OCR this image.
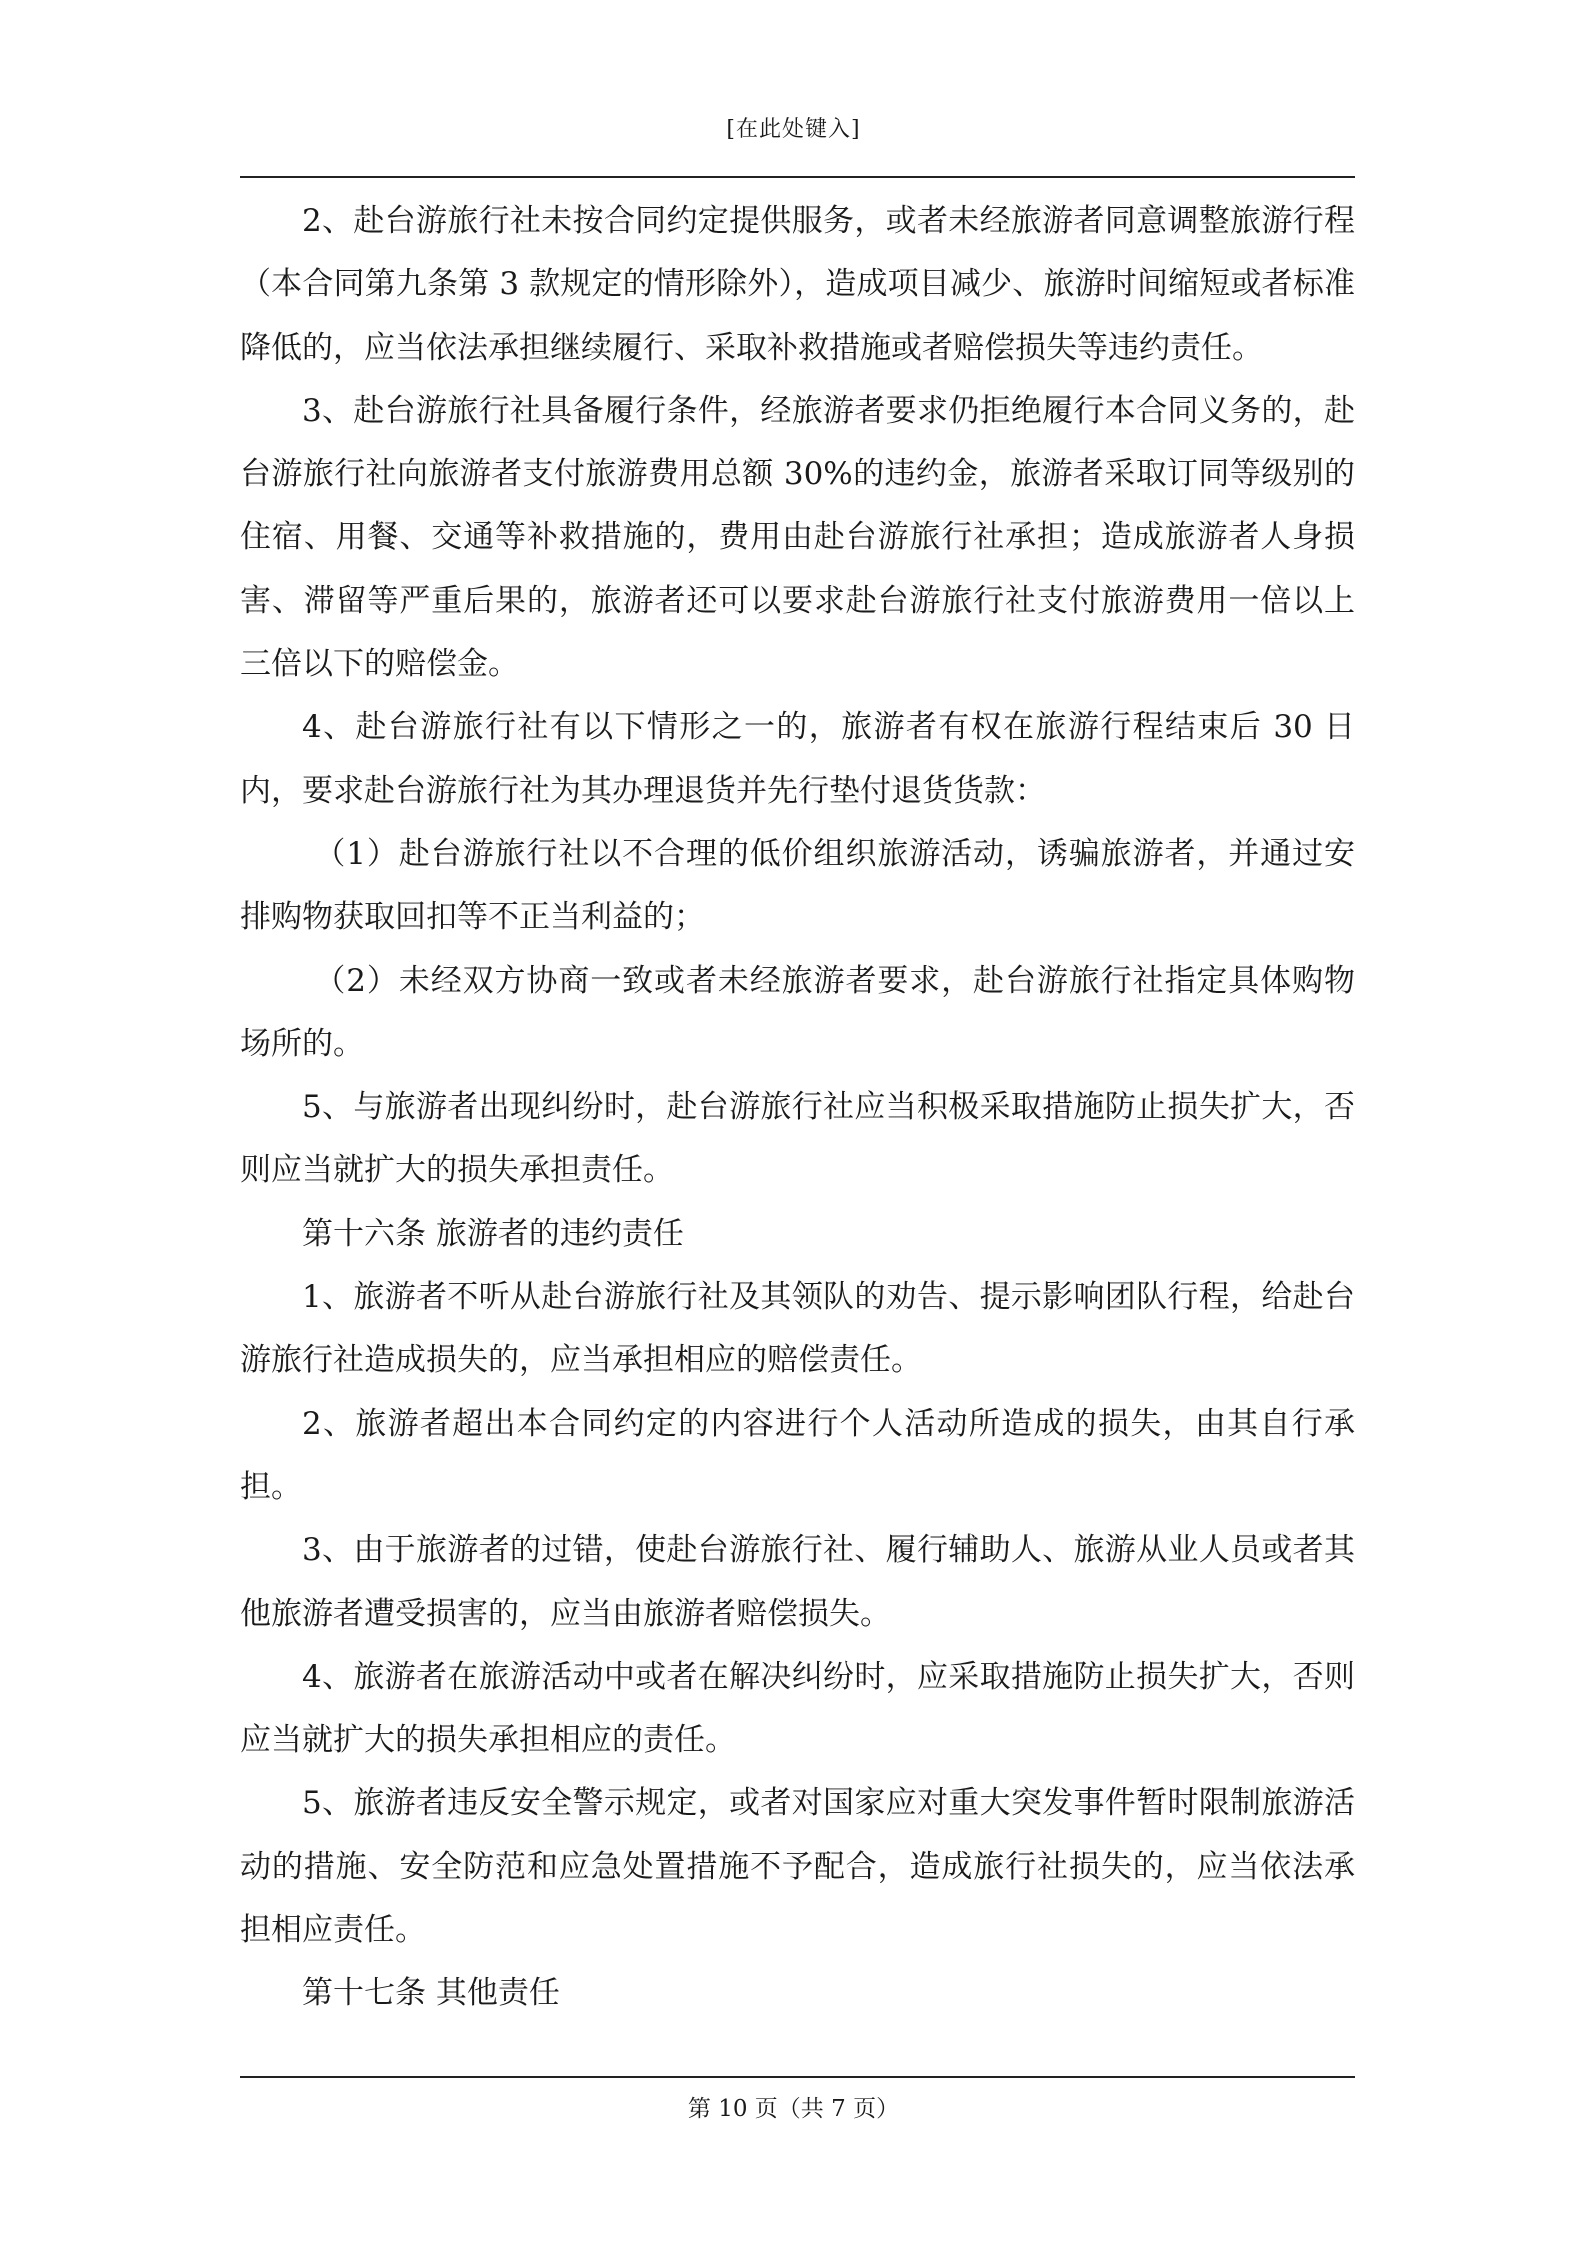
[在此处键入]

2、赴台游旅行社未按合同约定提供服务，或者未经旅游者同意调整旅游行程（本合同第九条第 3 款规定的情形除外），造成项目减少、旅游时间缩短或者标准降低的，应当依法承担继续履行、采取补救措施或者赔偿损失等违约责任。

3、赴台游旅行社具备履行条件，经旅游者要求仍拒绝履行本合同义务的，赴台游旅行社向旅游者支付旅游费用总额 30%的违约金，旅游者采取订同等级别的住宿、用餐、交通等补救措施的，费用由赴台游旅行社承担；造成旅游者人身损害、滞留等严重后果的，旅游者还可以要求赴台游旅行社支付旅游费用一倍以上三倍以下的赔偿金。

4、赴台游旅行社有以下情形之一的，旅游者有权在旅游行程结束后 30 日内，要求赴台游旅行社为其办理退货并先行垫付退货货款：

（1）赴台游旅行社以不合理的低价组织旅游活动，诱骗旅游者，并通过安排购物获取回扣等不正当利益的；

（2）未经双方协商一致或者未经旅游者要求，赴台游旅行社指定具体购物场所的。

5、与旅游者出现纠纷时，赴台游旅行社应当积极采取措施防止损失扩大，否则应当就扩大的损失承担责任。

第十六条 旅游者的违约责任

1、旅游者不听从赴台游旅行社及其领队的劝告、提示影响团队行程，给赴台游旅行社造成损失的，应当承担相应的赔偿责任。

2、旅游者超出本合同约定的内容进行个人活动所造成的损失，由其自行承担。

3、由于旅游者的过错，使赴台游旅行社、履行辅助人、旅游从业人员或者其他旅游者遭受损害的，应当由旅游者赔偿损失。

4、旅游者在旅游活动中或者在解决纠纷时，应采取措施防止损失扩大，否则应当就扩大的损失承担相应的责任。

5、旅游者违反安全警示规定，或者对国家应对重大突发事件暂时限制旅游活动的措施、安全防范和应急处置措施不予配合，造成旅行社损失的，应当依法承担相应责任。

第十七条 其他责任

第 10 页（共 7 页）
